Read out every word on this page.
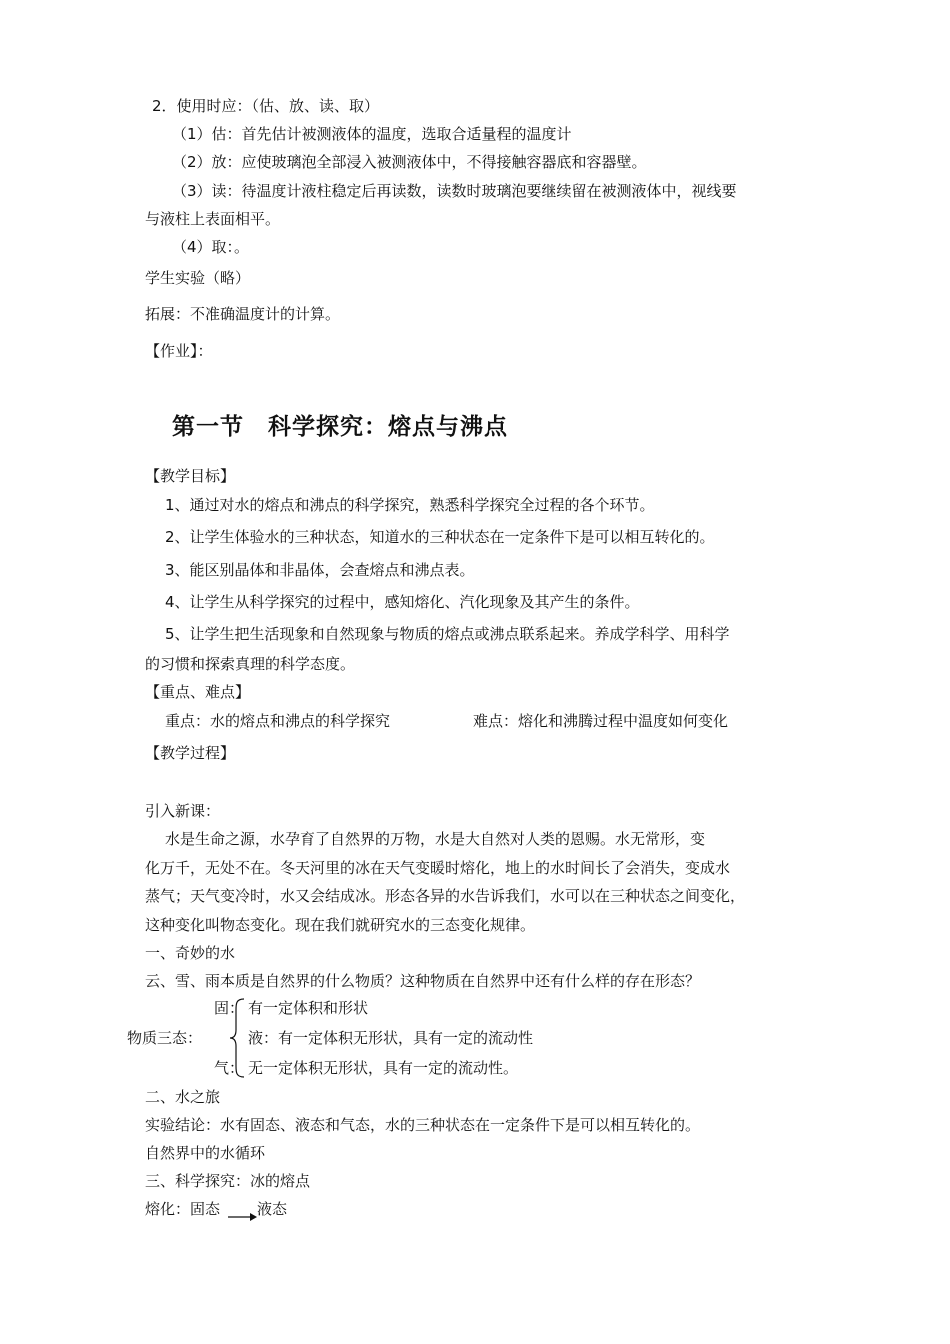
2．使用时应：（估、放、读、取）
（1）估：首先估计被测液体的温度，选取合适量程的温度计
（2）放：应使玻璃泡全部浸入被测液体中，不得接触容器底和容器壁。
（3）读：待温度计液柱稳定后再读数，读数时玻璃泡要继续留在被测液体中，视线要
与液柱上表面相平。
（4）取：。
学生实验（略）
拓展：不准确温度计的计算。
【作业】：
第一节　科学探究：熔点与沸点
【教学目标】
1、通过对水的熔点和沸点的科学探究，熟悉科学探究全过程的各个环节。
2、让学生体验水的三种状态，知道水的三种状态在一定条件下是可以相互转化的。
3、能区别晶体和非晶体，会查熔点和沸点表。
4、让学生从科学探究的过程中，感知熔化、汽化现象及其产生的条件。
5、让学生把生活现象和自然现象与物质的熔点或沸点联系起来。养成学科学、用科学
的习惯和探索真理的科学态度。
【重点、难点】
重点：水的熔点和沸点的科学探究	难点：熔化和沸腾过程中温度如何变化
【教学过程】
引入新课：
水是生命之源，水孕育了自然界的万物，水是大自然对人类的恩赐。水无常形，变
化万千，无处不在。冬天河里的冰在天气变暖时熔化，地上的水时间长了会消失，变成水
蒸气；天气变冷时，水又会结成冰。形态各异的水告诉我们，水可以在三种状态之间变化，
这种变化叫物态变化。现在我们就研究水的三态变化规律。
一、奇妙的水
云、雪、雨本质是自然界的什么物质？这种物质在自然界中还有什么样的存在形态？
固： 有一定体积和形状
物质三态：	液：有一定体积无形状，具有一定的流动性
气： 无一定体积无形状，具有一定的流动性。
二、水之旅
实验结论：水有固态、液态和气态，水的三种状态在一定条件下是可以相互转化的。
自然界中的水循环
三、科学探究：冰的熔点
熔化：固态 液态
